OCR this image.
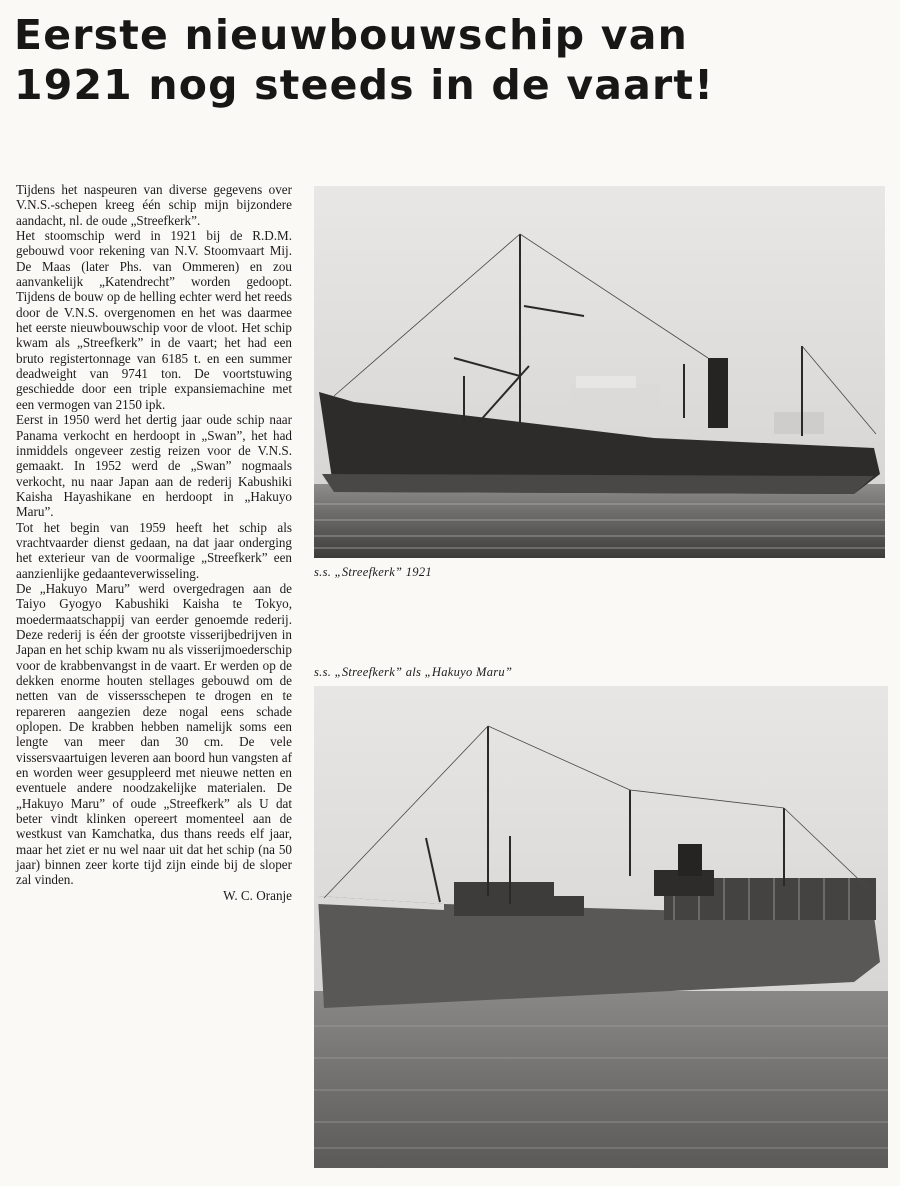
Eerste nieuwbouwschip van
1921 nog steeds in de vaart!

Tijdens het naspeuren van diverse gegevens over V.N.S.-schepen kreeg één schip mijn bijzondere aandacht, nl. de oude „Streefkerk”.

Het stoomschip werd in 1921 bij de R.D.M. gebouwd voor rekening van N.V. Stoomvaart Mij. De Maas (later Phs. van Ommeren) en zou aanvankelijk „Katendrecht” worden gedoopt. Tijdens de bouw op de helling echter werd het reeds door de V.N.S. overgenomen en het was daarmee het eerste nieuwbouwschip voor de vloot. Het schip kwam als „Streefkerk” in de vaart; het had een bruto registertonnage van 6185 t. en een summer deadweight van 9741 ton. De voortstuwing geschiedde door een triple expansiemachine met een vermogen van 2150 ipk.

Eerst in 1950 werd het dertig jaar oude schip naar Panama verkocht en herdoopt in „Swan”, het had inmiddels ongeveer zestig reizen voor de V.N.S. gemaakt. In 1952 werd de „Swan” nogmaals verkocht, nu naar Japan aan de rederij Kabushiki Kaisha Hayashikane en herdoopt in „Hakuyo Maru”.

Tot het begin van 1959 heeft het schip als vrachtvaarder dienst gedaan, na dat jaar onderging het exterieur van de voormalige „Streefkerk” een aanzienlijke gedaanteverwisseling.

De „Hakuyo Maru” werd overgedragen aan de Taiyo Gyogyo Kabushiki Kaisha te Tokyo, moedermaatschappij van eerder genoemde rederij. Deze rederij is één der grootste visserijbedrijven in Japan en het schip kwam nu als visserijmoederschip voor de krabbenvangst in de vaart. Er werden op de dekken enorme houten stellages gebouwd om de netten van de vissersschepen te drogen en te repareren aangezien deze nogal eens schade oplopen. De krabben hebben namelijk soms een lengte van meer dan 30 cm. De vele vissersvaartuigen leveren aan boord hun vangsten af en worden weer gesuppleerd met nieuwe netten en eventuele andere noodzakelijke materialen. De „Hakuyo Maru” of oude „Streefkerk” als U dat beter vindt klinken opereert momenteel aan de westkust van Kamchatka, dus thans reeds elf jaar, maar het ziet er nu wel naar uit dat het schip (na 50 jaar) binnen zeer korte tijd zijn einde bij de sloper zal vinden.

W. C. Oranje

s.s. „Streefkerk” 1921

s.s. „Streefkerk” als „Hakuyo Maru”
